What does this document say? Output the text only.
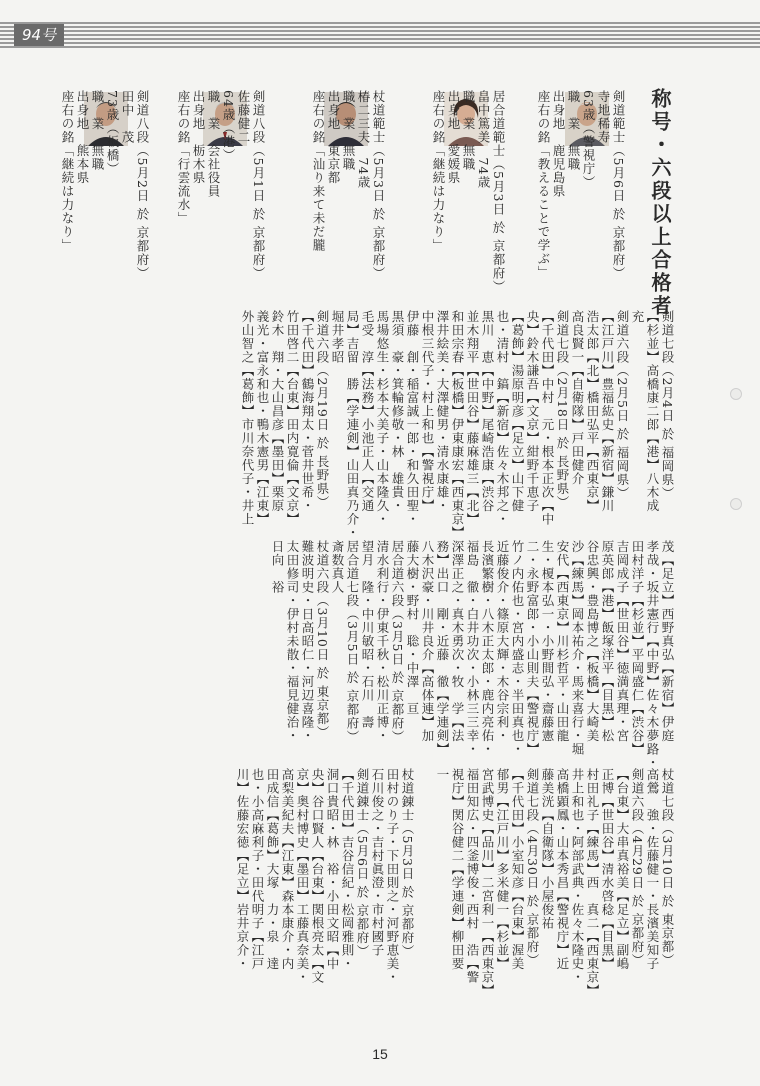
94号
称号・六段以上合格者
剣道範士（5月6日 於 京都府）
寺地稀寿
63歳（警視庁）
職　業　無職
出身地　鹿児島県
座右の銘「教えることで学ぶ」
居合道範士（5月3日 於 京都府）
畠中篤美　74歳
職　業　無職
出身地　愛媛県
座右の銘「継続は力なり」
杖道範士（5月3日 於 京都府）
椿二三夫　74歳
職　業　無職
出身地　東京都
座右の銘「汕り来て未だ朧
剣道八段（5月1日 於 京都府）
佐藤健二
64歳（港）
職　業　会社役員
出身地　栃木県
座右の銘「行雲流水」
剣道八段（5月2日 於 京都府）
田中　茂
73歳（板橋）
職　業　無職
出身地　熊本県
座右の銘「継続は力なり」
剣道七段（2月4日 於 福岡県）
【杉並】高橋康二郎【港】八木成
充
剣道六段（2月5日 於 福岡県）
【江戸川】豊福紘史【新宿】鎌川
浩太郎【北】橋田弘平【西東京】
高良賢一【自衛隊】戸田健介
剣道七段（2月18日 於 長野県）
【千代田】中村　元・根本正次【中
央】鈴木謙吾【文京】紺野千恵子
【葛飾】湯原明彦【足立】山下健
也・清村　鎬【新宿】佐々木邦之・
黒川　恵【中野】尾崎浩康【渋谷
並木翔平【世田谷】藤麻雄三【北】
和田宗春【板橋】伊東康宏【西東京】
澤井絵美・大澤健男・清水康雄・
中根三代子・村上和也【警視庁】
伊藤　創・稲富誠一郎・和久田聖・
黒須　豪・箕輪修敬・林　雄貴・
馬場悠生・杉本大美子・山本隆久・
毛受　淳【法務】小池正人【交通
局】吉留　勝【学連剣】山田真乃介・
堀井孝昭
剣道六段（2月19日 於 長野県）
【千代田】鶴海翔太・菅井世希・
竹田啓二【台東】田内寛倫【文京】
鈴木　翔・大山昌彦【墨田】栗原
義光・富永和也・鴨木憲男【江東】
外山智之【葛飾】市川奈代子・井上
茂【足立】西野真弘【新宿】伊庭
孝哉・坂井憲行【中野】佐々木夢路・
田村洋子【杉並】平岡盛仁【渋谷】
吉岡成子【世田谷】徳満真理・宮
原英郎【港】飯塚洋平【目黒】松
谷忠興・豊島博之【板橋】大崎美
沙【練馬】岡本祐介・馬来喜行・堀
安代【西東京】川杉哲平・山田龍
生・榎本弘一・小野間弘・齋藤憲
二・永野富郎・小山則夫【警視庁】
竹ノ内佑也・宮内盛志・半田真也・
近藤俊介・篠原大輝・木谷宗利・
長濱繁樹・八木正太郎・鹿内亮佑・
福島　徹・白井功次・小林三三幸・
深澤正之・真木勇次・牧　学【法
務】出口　剛・近藤　徹【学連剣】
八木沢豪・川井良介【高体連】加
藤大樹・野村　聡・中澤　亘
居合道六段（3月5日 於 京都府）
清水利行・伊東千秋・松川正博・
望月　隆・中川敏昭・石川　壽
居合道七段（3月5日 於 京都府）
斎数真人
杖道六段（3月10日 於 東京都）
難波明史・日高昭仁・河辺喜隆・
太田修司・伊村未散・福見健治・
日向　裕
杖道七段（3月10日 於 東京都）
高鶯　強・佐藤健一・長濱美知子
剣道六段（4月29日 於 京都府）
【台東】大串真裕美【足立】副嶋
正博【世田谷】清水啓稔【目黒】
村田礼子【練馬】西　真二【西東京】
井上和也・阿部武典・佐々木隆史・
高橋顕鳳・山本秀昌【警視庁】近
藤美洸【自衛隊】小屋俊祐
剣道七段（4月30日 於 京都府）
【千代田】小室知彦【台東】渥美
郁男【江戸川】多米健一【杉並】
宮武博史【品川】二宮利一【西東京】
福田知広・四釜博俊・西村　浩【警
視庁】関谷健二【学連剣】柳田要
一
杖道錬士（5月3日 於 京都府）
田村のり子・下田則之・河野恵美・
石川俊之・吉村眞澄・市村國子
剣道錬士（5月6日 於 京都府）
【千代田】吉谷信紀・松岡雅則・
洞口貴昭・林　裕・小田文昭【中
央】谷口賢人【台東】関根亮太【文
京】奥村博史【墨田】工藤真奈美・
高梨美紀夫【江東】森本康介・内
田成信【葛飾】大塚　力・泉　達
也・小高麻利子・田代明子【江戸
川】佐藤宏徳【足立】岩井京介・
15
